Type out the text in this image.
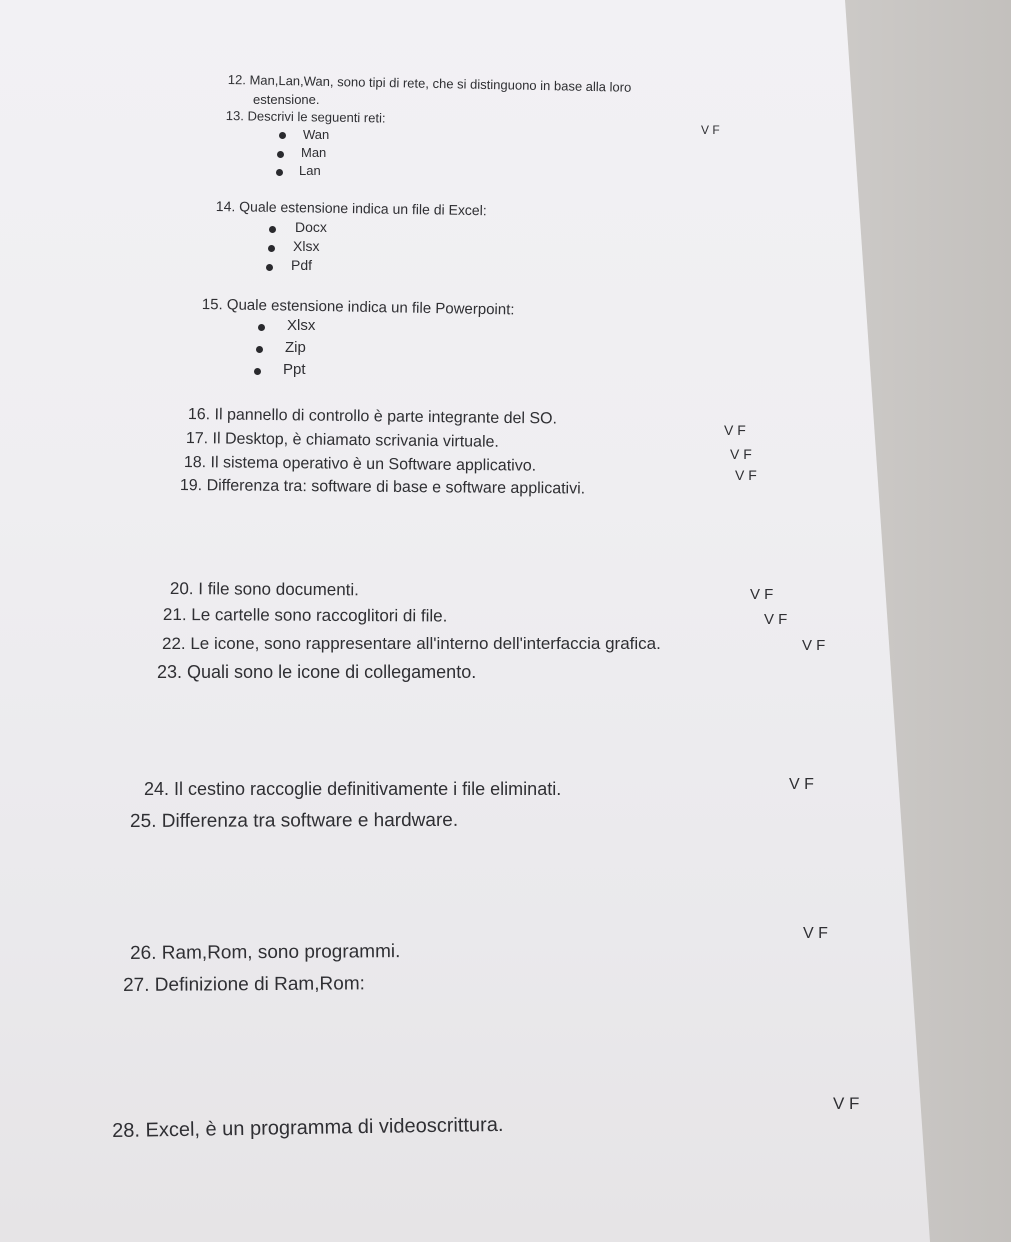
12. Man,Lan,Wan, sono tipi di rete, che si distinguono in base alla loro
estensione.
13. Descrivi le seguenti reti:
V F
Wan
Man
Lan
14. Quale estensione indica un file di Excel:
Docx
Xlsx
Pdf
15. Quale estensione indica un file Powerpoint:
Xlsx
Zip
Ppt
16. Il pannello di controllo è parte integrante del SO.
V F
17. Il Desktop, è chiamato scrivania virtuale.
V F
18. Il sistema operativo è un Software applicativo.
V F
19. Differenza tra: software di base e software applicativi.
20. I file sono documenti.	V F
21. Le cartelle sono raccoglitori di file.	V F
22. Le icone, sono rappresentare all'interno dell'interfaccia grafica.	V F
23. Quali sono le icone di collegamento.
24. Il cestino raccoglie definitivamente i file eliminati.	V F
25. Differenza tra software e hardware.
26. Ram,Rom, sono programmi.
V F
27. Definizione di Ram,Rom:
28. Excel, è un programma di videoscrittura.
V F
